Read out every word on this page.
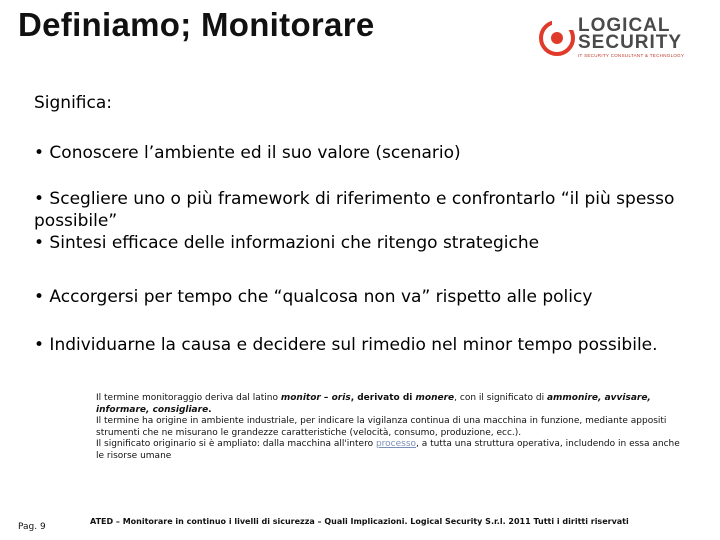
Definiamo; Monitorare	LOGICAL
SECURITY
IT SECURITY CONSULTANT & TECHNOLOGY

Significa:

• Conoscere l’ambiente ed il suo valore (scenario)

• Scegliere uno o più framework di riferimento e confrontarlo “il più spesso possibile”

• Sintesi efficace delle informazioni che ritengo strategiche

• Accorgersi per tempo che “qualcosa non va” rispetto alle policy

• Individuarne la causa e decidere sul rimedio nel minor tempo possibile.

Il termine monitoraggio deriva dal latino monitor – oris, derivato di monere, con il significato di ammonire, avvisare, informare, consigliare.

Il termine ha origine in ambiente industriale, per indicare la vigilanza continua di una macchina in funzione, mediante appositi strumenti che ne misurano le grandezze caratteristiche (velocità, consumo, produzione, ecc.).

Il significato originario si è ampliato: dalla macchina all'intero processo, a tutta una struttura operativa, includendo in essa anche le risorse umane

Pag. 9
ATED – Monitorare in continuo i livelli di sicurezza – Quali Implicazioni. Logical Security S.r.l. 2011 Tutti i diritti riservati
